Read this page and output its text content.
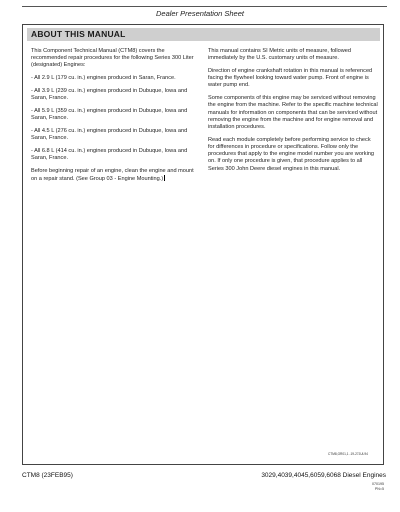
Dealer Presentation Sheet
ABOUT THIS MANUAL

This Component Technical Manual (CTM8) covers the recommended repair procedures for the following Series 300 Liter (designated) Engines:

- All 2.9 L (179 cu. in.) engines produced in Saran, France.

- All 3.9 L (239 cu. in.) engines produced in Dubuque, Iowa and Saran, France.

- All 5.9 L (359 cu. in.) engines produced in Dubuque, Iowa and Saran, France.

- All 4.5 L (276 cu. in.) engines produced in Dubuque, Iowa and Saran, France.

- All 6.8 L (414 cu. in.) engines produced in Dubuque, Iowa and Saran, France.

Before beginning repair of an engine, clean the engine and mount on a repair stand. (See Group 03 - Engine Mounting.)

This manual contains SI Metric units of measure, followed immediately by the U.S. customary units of measure.

Direction of engine crankshaft rotation in this manual is referenced facing the flywheel looking toward water pump. Front of engine is water pump end.

Some components of this engine may be serviced without removing the engine from the machine. Refer to the specific machine technical manuals for information on components that can be serviced without removing the engine from the machine and for engine removal and installation procedures.

Read each module completely before performing service to check for differences in procedure or specifications. Follow only the procedures that apply to the engine model number you are working on. If only one procedure is given, that procedure applies to all Series 300 John Deere diesel engines in this manual.

CTM8,GR01,1 -19-27JUL94
CTM8 (23FEB95)	3029,4039,4045,6059,6068 Diesel Engines
070195
PN=5
